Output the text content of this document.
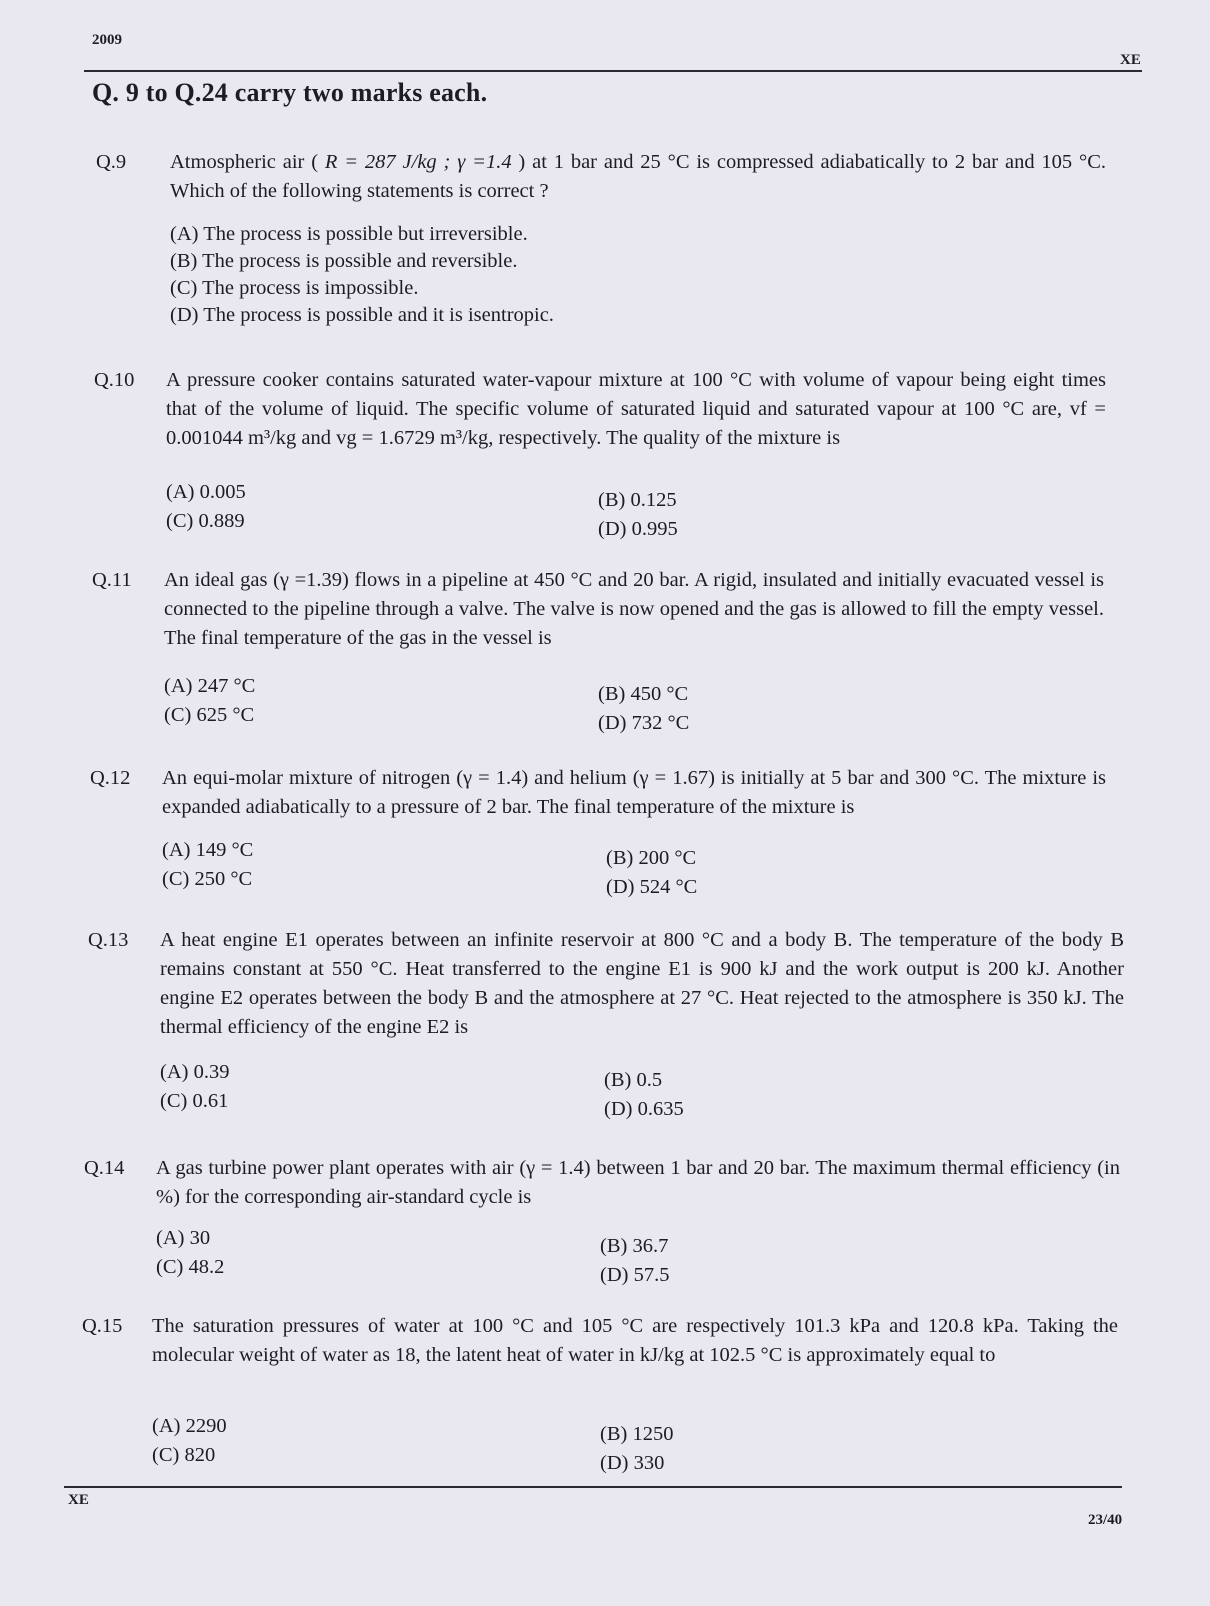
2009
XE
Q. 9 to Q.24 carry two marks each.
Q.9 Atmospheric air ( R = 287 J/kg ; γ =1.4 ) at 1 bar and 25 °C is compressed adiabatically to 2 bar and 105 °C. Which of the following statements is correct ?
(A) The process is possible but irreversible.
(B) The process is possible and reversible.
(C) The process is impossible.
(D) The process is possible and it is isentropic.
Q.10 A pressure cooker contains saturated water-vapour mixture at 100 °C with volume of vapour being eight times that of the volume of liquid. The specific volume of saturated liquid and saturated vapour at 100 °C are, vf = 0.001044 m³/kg and vg = 1.6729 m³/kg, respectively. The quality of the mixture is
(A) 0.005	(B) 0.125
(C) 0.889	(D) 0.995
Q.11 An ideal gas (γ =1.39) flows in a pipeline at 450 °C and 20 bar. A rigid, insulated and initially evacuated vessel is connected to the pipeline through a valve. The valve is now opened and the gas is allowed to fill the empty vessel. The final temperature of the gas in the vessel is
(A) 247 °C	(B) 450 °C
(C) 625 °C	(D) 732 °C
Q.12 An equi-molar mixture of nitrogen (γ = 1.4) and helium (γ = 1.67) is initially at 5 bar and 300 °C. The mixture is expanded adiabatically to a pressure of 2 bar. The final temperature of the mixture is
(A) 149 °C	(B) 200 °C
(C) 250 °C	(D) 524 °C
Q.13 A heat engine E1 operates between an infinite reservoir at 800 °C and a body B. The temperature of the body B remains constant at 550 °C. Heat transferred to the engine E1 is 900 kJ and the work output is 200 kJ. Another engine E2 operates between the body B and the atmosphere at 27 °C. Heat rejected to the atmosphere is 350 kJ. The thermal efficiency of the engine E2 is
(A) 0.39	(B) 0.5
(C) 0.61	(D) 0.635
Q.14 A gas turbine power plant operates with air (γ = 1.4) between 1 bar and 20 bar. The maximum thermal efficiency (in %) for the corresponding air-standard cycle is
(A) 30	(B) 36.7
(C) 48.2	(D) 57.5
Q.15 The saturation pressures of water at 100 °C and 105 °C are respectively 101.3 kPa and 120.8 kPa. Taking the molecular weight of water as 18, the latent heat of water in kJ/kg at 102.5 °C is approximately equal to
(A) 2290	(B) 1250
(C) 820	(D) 330
XE
23/40
